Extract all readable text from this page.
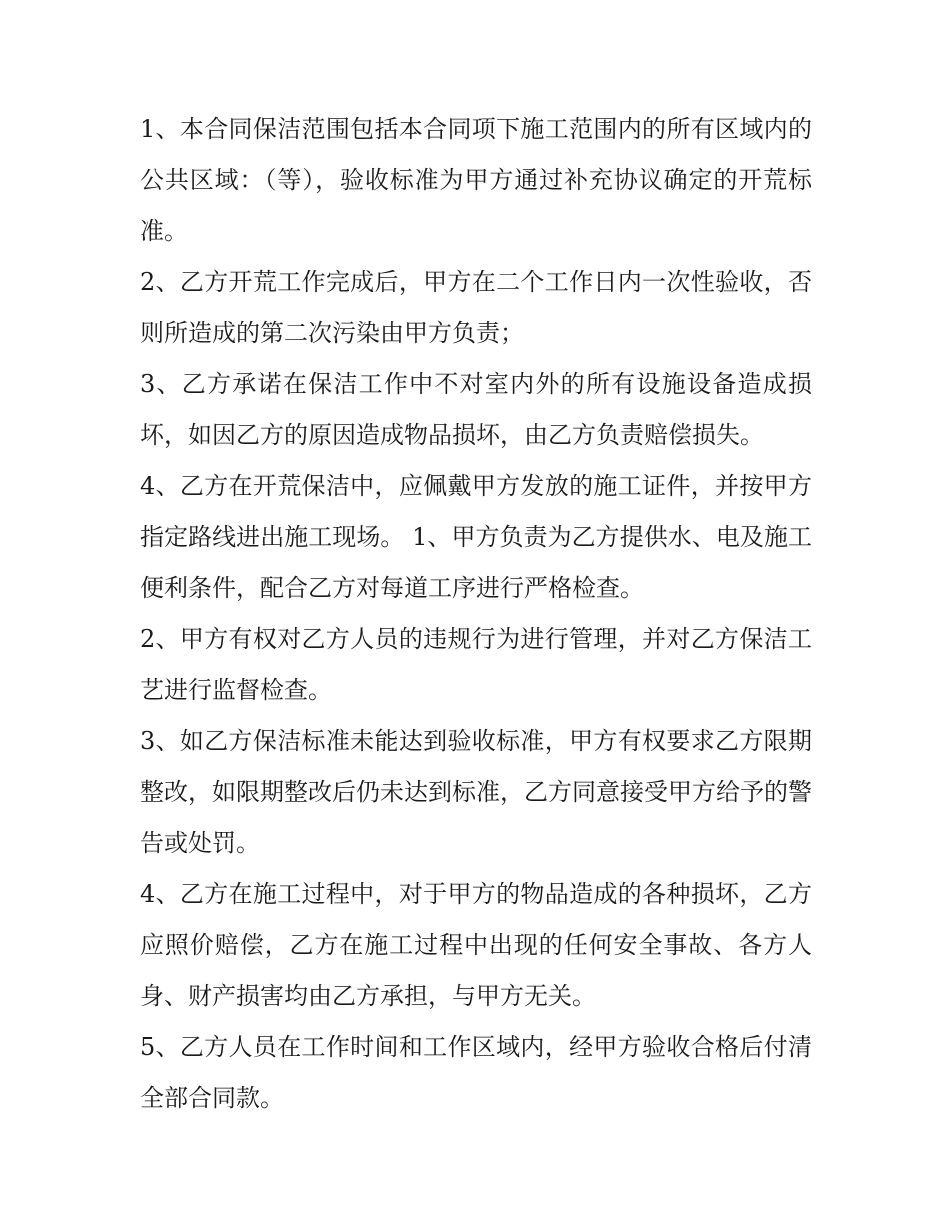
1、本合同保洁范围包括本合同项下施工范围内的所有区域内的公共区域：（等），验收标准为甲方通过补充协议确定的开荒标准。

2、乙方开荒工作完成后，甲方在二个工作日内一次性验收，否则所造成的第二次污染由甲方负责；

3、乙方承诺在保洁工作中不对室内外的所有设施设备造成损坏，如因乙方的原因造成物品损坏，由乙方负责赔偿损失。

4、乙方在开荒保洁中，应佩戴甲方发放的施工证件，并按甲方指定路线进出施工现场。 1、甲方负责为乙方提供水、电及施工便利条件，配合乙方对每道工序进行严格检查。

2、甲方有权对乙方人员的违规行为进行管理，并对乙方保洁工艺进行监督检查。

3、如乙方保洁标准未能达到验收标准，甲方有权要求乙方限期整改，如限期整改后仍未达到标准，乙方同意接受甲方给予的警告或处罚。

4、乙方在施工过程中，对于甲方的物品造成的各种损坏，乙方应照价赔偿，乙方在施工过程中出现的任何安全事故、各方人身、财产损害均由乙方承担，与甲方无关。

5、乙方人员在工作时间和工作区域内，经甲方验收合格后付清全部合同款。
